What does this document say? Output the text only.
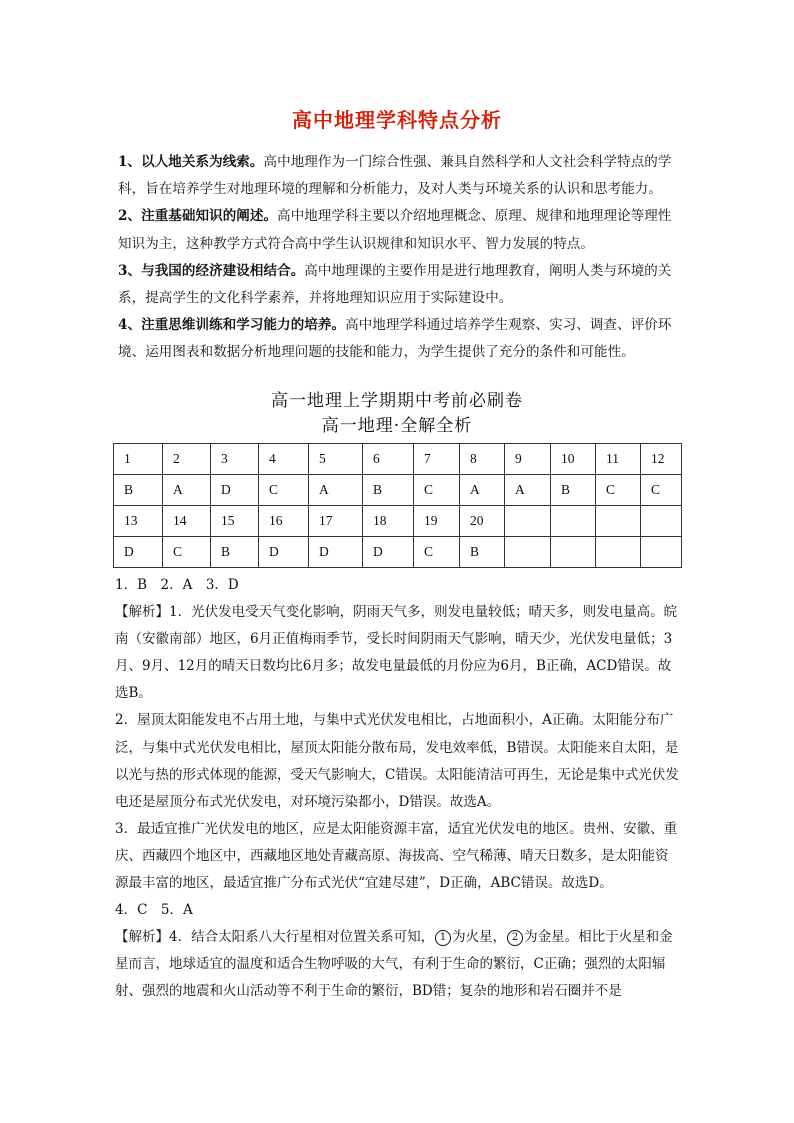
高中地理学科特点分析

1、以人地关系为线索。高中地理作为一门综合性强、兼具自然科学和人文社会科学特点的学科，旨在培养学生对地理环境的理解和分析能力，及对人类与环境关系的认识和思考能力。

2、注重基础知识的阐述。高中地理学科主要以介绍地理概念、原理、规律和地理理论等理性知识为主，这种教学方式符合高中学生认识规律和知识水平、智力发展的特点。

3、与我国的经济建设相结合。高中地理课的主要作用是进行地理教育，阐明人类与环境的关系，提高学生的文化科学素养，并将地理知识应用于实际建设中。

4、注重思维训练和学习能力的培养。高中地理学科通过培养学生观察、实习、调查、评价环境、运用图表和数据分析地理问题的技能和能力，为学生提供了充分的条件和可能性。

高一地理上学期期中考前必刷卷
高一地理·全解全析
1	2	3	4	5	6	7	8	9	10	11	12
B	A	D	C	A	B	C	A	A	B	C	C
13	14	15	16	17	18	19	20				
D	C	B	D	D	D	C	B				

1．B　2．A　3．D

【解析】1．光伏发电受天气变化影响，阴雨天气多，则发电量较低；晴天多，则发电量高。皖南（安徽南部）地区，6月正值梅雨季节，受长时间阴雨天气影响，晴天少，光伏发电量低；3月、9月、12月的晴天日数均比6月多；故发电量最低的月份应为6月，B正确，ACD错误。故选B。

2．屋顶太阳能发电不占用土地，与集中式光伏发电相比，占地面积小，A正确。太阳能分布广泛，与集中式光伏发电相比，屋顶太阳能分散布局，发电效率低，B错误。太阳能来自太阳，是以光与热的形式体现的能源，受天气影响大，C错误。太阳能清洁可再生，无论是集中式光伏发电还是屋顶分布式光伏发电，对环境污染都小，D错误。故选A。

3．最适宜推广光伏发电的地区，应是太阳能资源丰富，适宜光伏发电的地区。贵州、安徽、重庆、西藏四个地区中，西藏地区地处青藏高原、海拔高、空气稀薄、晴天日数多，是太阳能资源最丰富的地区，最适宜推广分布式光伏“宜建尽建”，D正确，ABC错误。故选D。

4．C　5．A

【解析】4．结合太阳系八大行星相对位置关系可知， 1 为火星， 2 为金星。相比于火星和金星而言，地球适宜的温度和适合生物呼吸的大气，有利于生命的繁衍，C正确；强烈的太阳辐射、强烈的地震和火山活动等不利于生命的繁衍，BD错；复杂的地形和岩石圈并不是
